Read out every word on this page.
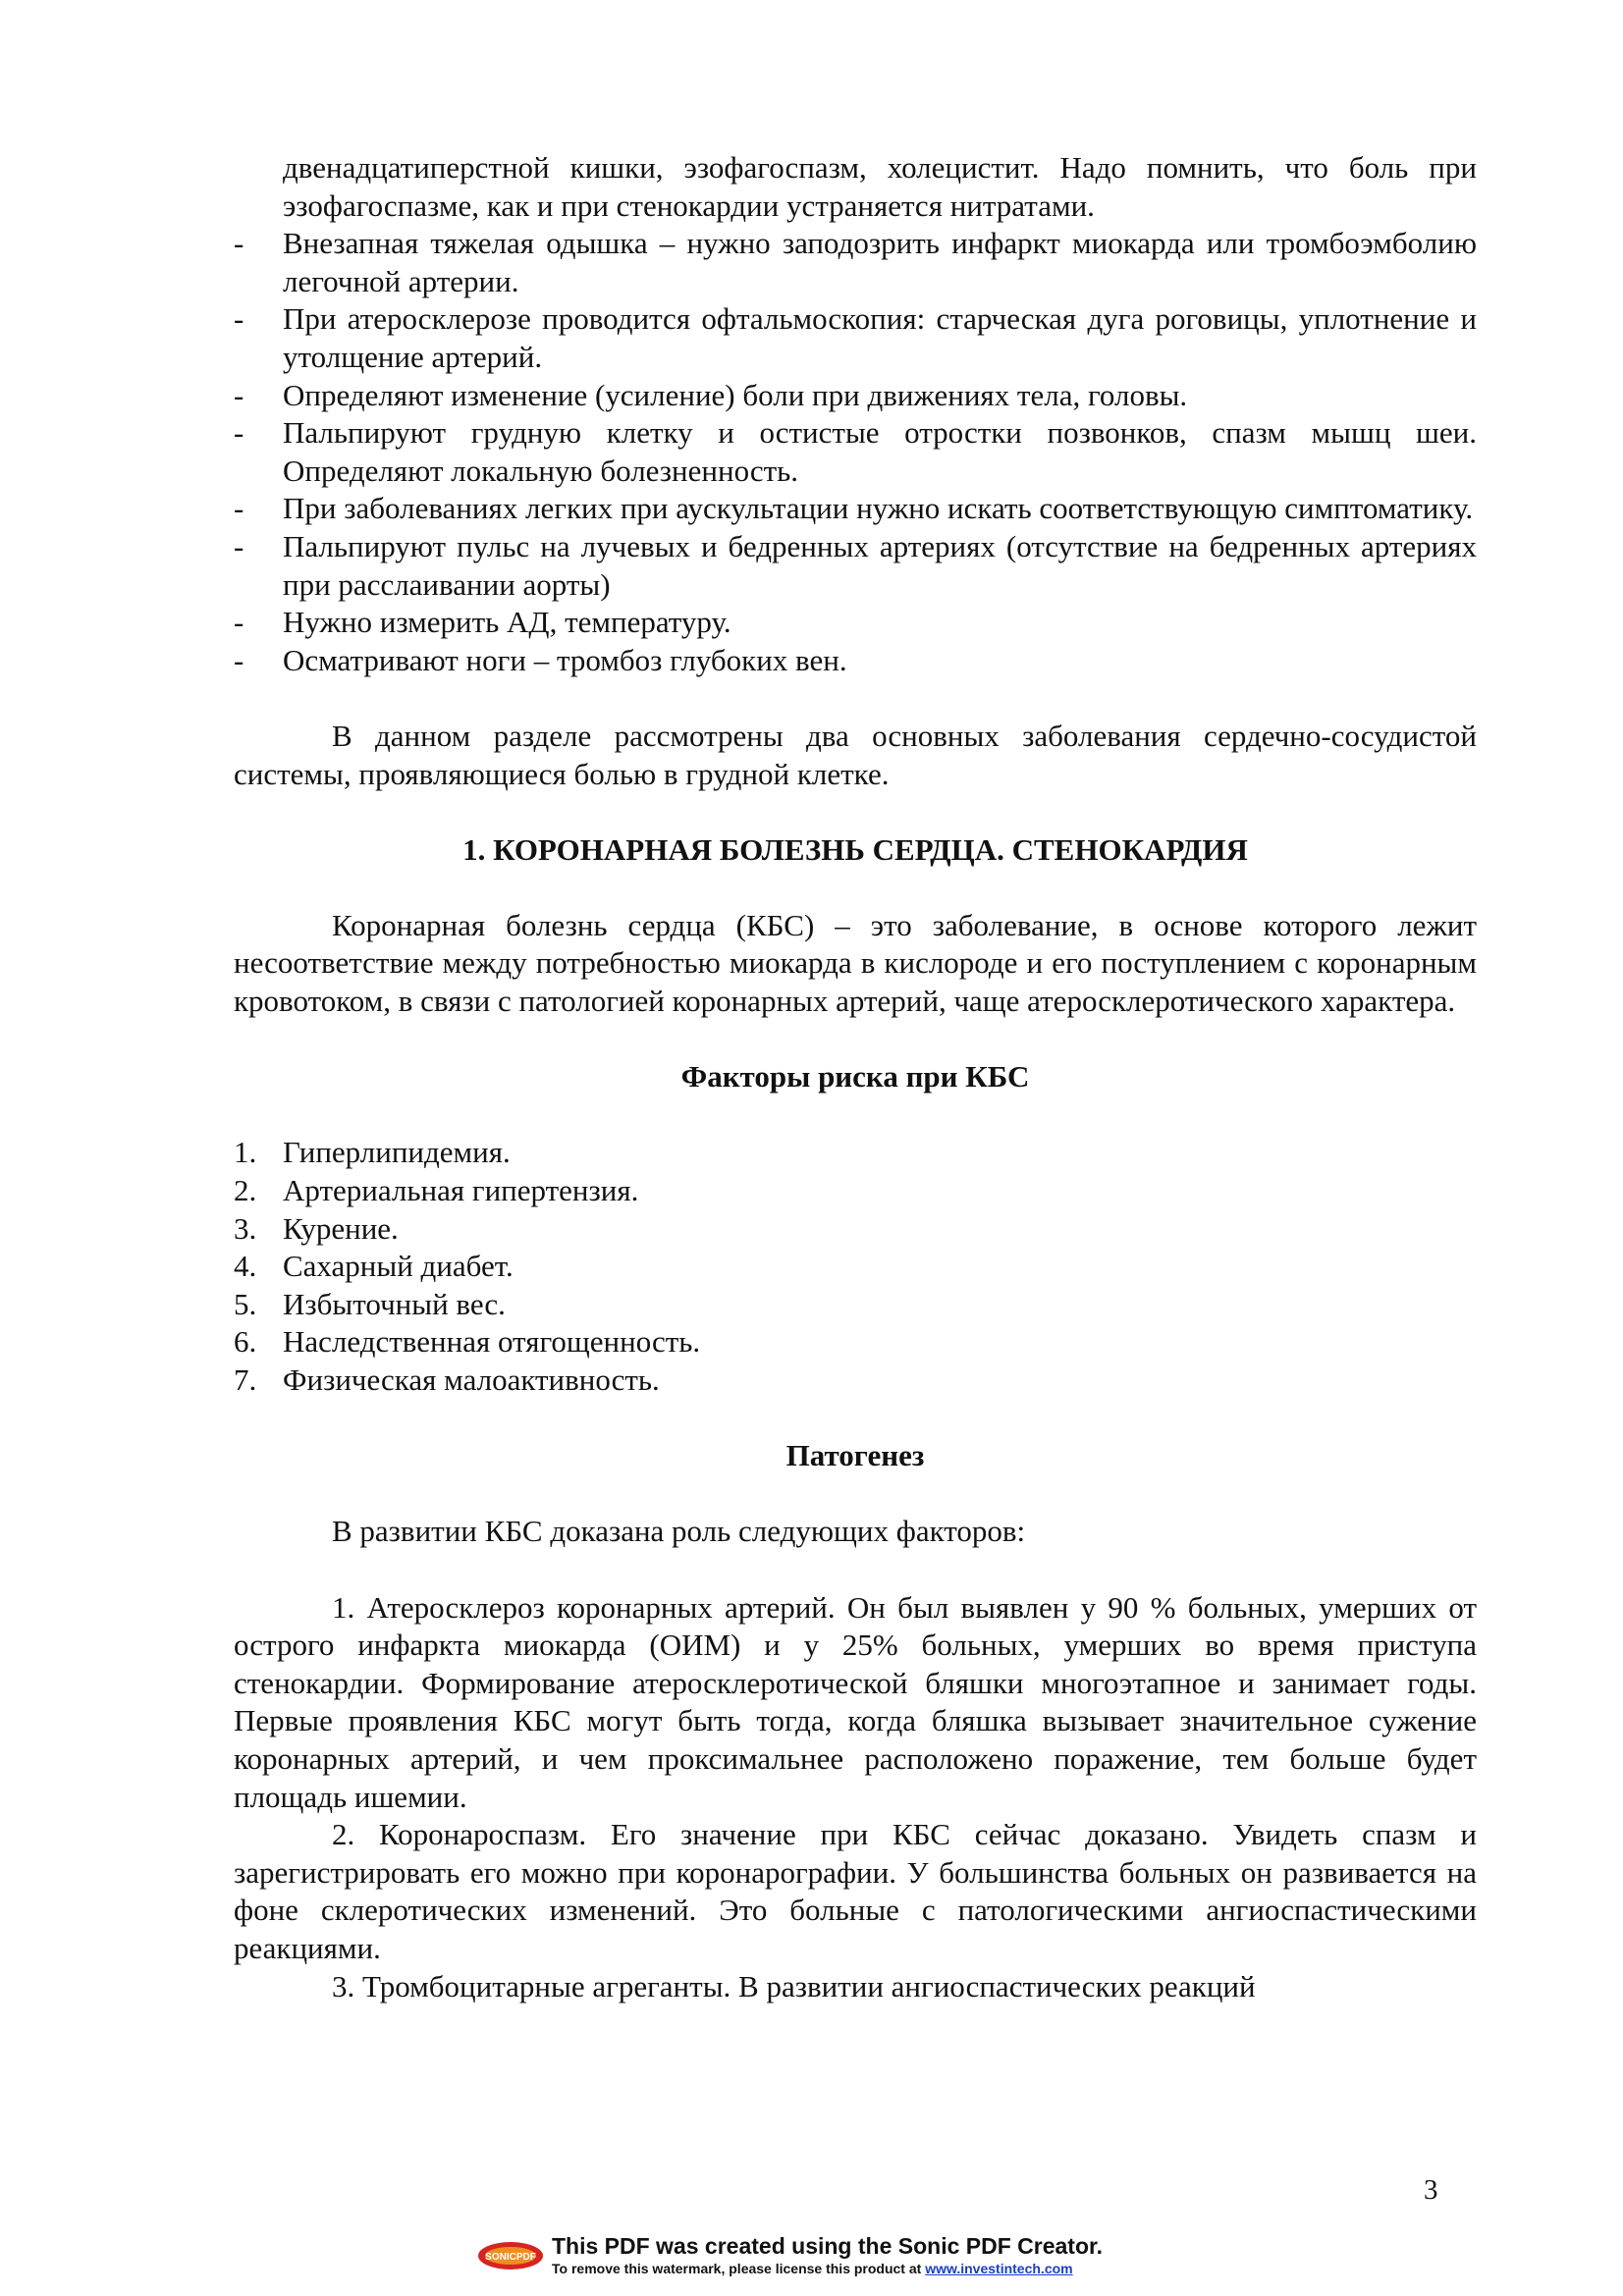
двенадцатиперстной кишки, эзофагоспазм, холецистит. Надо помнить, что боль при эзофагоспазме, как и при стенокардии устраняется нитратами.

- Внезапная тяжелая одышка – нужно заподозрить инфаркт миокарда или тромбоэмболию легочной артерии.
- При атеросклерозе проводится офтальмоскопия: старческая дуга роговицы, уплотнение и утолщение артерий.
- Определяют изменение (усиление) боли при движениях тела, головы.
- Пальпируют грудную клетку и остистые отростки позвонков, спазм мышц шеи. Определяют локальную болезненность.
- При заболеваниях легких при аускультации нужно искать соответствующую симптоматику.
- Пальпируют пульс на лучевых и бедренных артериях (отсутствие на бедренных артериях при расслаивании аорты)
- Нужно измерить АД, температуру.
- Осматривают ноги – тромбоз глубоких вен.

В данном разделе рассмотрены два основных заболевания сердечно-сосудистой системы, проявляющиеся болью в грудной клетке.

1. КОРОНАРНАЯ БОЛЕЗНЬ СЕРДЦА. СТЕНОКАРДИЯ

Коронарная болезнь сердца (КБС) – это заболевание, в основе которого лежит несоответствие между потребностью миокарда в кислороде и его поступлением с коронарным кровотоком, в связи с патологией коронарных артерий, чаще атеросклеротического характера.

Факторы риска при КБС

1. Гиперлипидемия.
2. Артериальная гипертензия.
3. Курение.
4. Сахарный диабет.
5. Избыточный вес.
6. Наследственная отягощенность.
7. Физическая малоактивность.

Патогенез

В развитии КБС доказана роль следующих факторов:

1. Атеросклероз коронарных артерий. Он был выявлен у 90 % больных, умерших от острого инфаркта миокарда (ОИМ) и у 25% больных, умерших во время приступа стенокардии. Формирование атеросклеротической бляшки многоэтапное и занимает годы. Первые проявления КБС могут быть тогда, когда бляшка вызывает значительное сужение коронарных артерий, и чем проксимальнее расположено поражение, тем больше будет площадь ишемии.

2. Коронароспазм. Его значение при КБС сейчас доказано. Увидеть спазм и зарегистрировать его можно при коронарографии. У большинства больных он развивается на фоне склеротических изменений. Это больные с патологическими ангиоспастическими реакциями.

3. Тромбоцитарные агреганты. В развитии ангиоспастических реакций

3
SONICPDF This PDF was created using the Sonic PDF Creator.
To remove this watermark, please license this product at www.investintech.com
